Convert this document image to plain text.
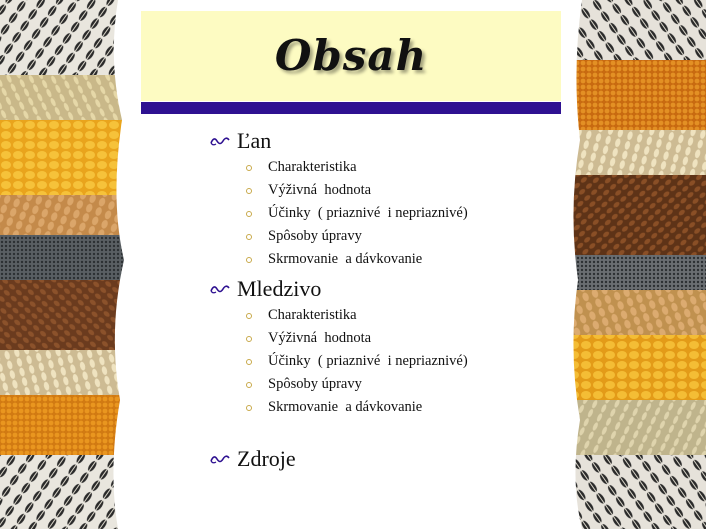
Obsah
Ľan
Charakteristika
Výživná  hodnota
Účinky  ( priaznivé  i nepriaznivé)
Spôsoby úpravy
Skrmovanie  a dávkovanie
Mledzivo
Charakteristika
Výživná  hodnota
Účinky  ( priaznivé  i nepriaznivé)
Spôsoby úpravy
Skrmovanie  a dávkovanie
Zdroje
